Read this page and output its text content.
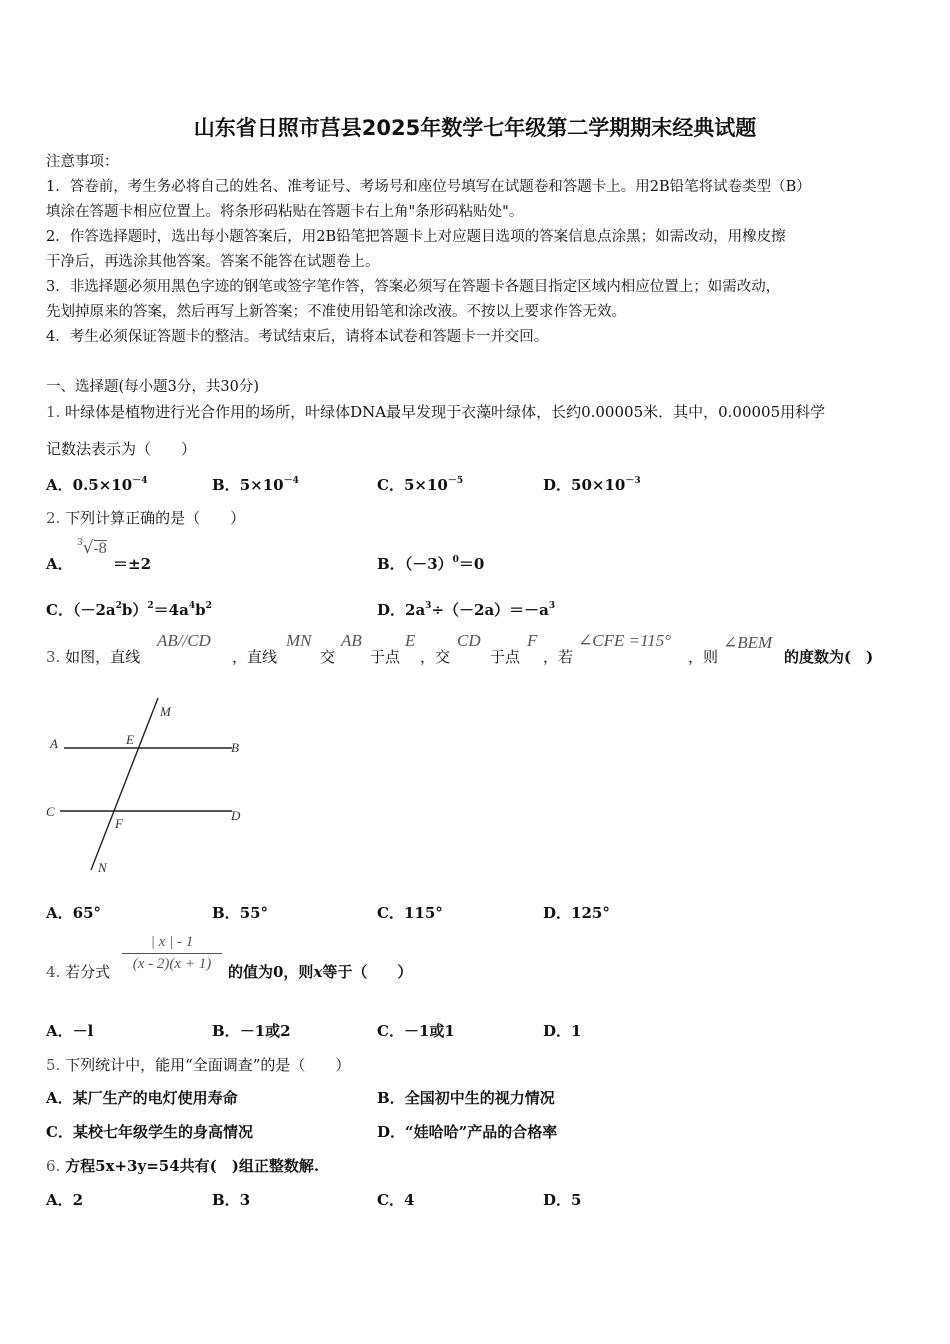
山东省日照市莒县2025年数学七年级第二学期期末经典试题
注意事项：
1．答卷前，考生务必将自己的姓名、准考证号、考场号和座位号填写在试题卷和答题卡上。用2B铅笔将试卷类型（B）
填涂在答题卡相应位置上。将条形码粘贴在答题卡右上角"条形码粘贴处"。
2．作答选择题时，选出每小题答案后，用2B铅笔把答题卡上对应题目选项的答案信息点涂黑；如需改动，用橡皮擦
干净后，再选涂其他答案。答案不能答在试题卷上。
3．非选择题必须用黑色字迹的钢笔或签字笔作答，答案必须写在答题卡各题目指定区域内相应位置上；如需改动，
先划掉原来的答案，然后再写上新答案；不准使用铅笔和涂改液。不按以上要求作答无效。
4．考生必须保证答题卡的整洁。考试结束后，请将本试卷和答题卡一并交回。
一、选择题(每小题3分，共30分)
1. 叶绿体是植物进行光合作用的场所，叶绿体DNA最早发现于衣藻叶绿体，长约0.00005米．其中，0.00005用科学
记数法表示为（　　）
A．$0.5\times 10^{-4}$	B．$5\times 10^{-4}$	C．$5\times 10^{-5}$	D．$50\times 10^{-3}$
2. 下列计算正确的是（　　）
A．
$^3$√-8
＝±2	B．$(-3)^0=0$
C．$(-2a^2b)^2=4a^4b^2$	D．$2a^3\div(-2a)=-a^3$
3. 如图，直线
AB//CD
，直线
MN
交
AB
于点
E
，交
CD
于点
F
，若
∠CFE =115°
，则
∠BEM
的度数为(　)
M
A	E
B
C
F
D
N
A．65°	B．55°	C．115°	D．125°
4. 若分式 $\frac{| x | - 1}{(x - 2)(x + 1)}$ 的值为0，则x等于（　　）
A．－l	B．－1或2	C．－1或1	D．1
5. 下列统计中，能用“全面调查”的是（　　）
A．某厂生产的电灯使用寿命	B．全国初中生的视力情况
C．某校七年级学生的身高情况	D．“娃哈哈”产品的合格率
6. 方程5x+3y=54共有(　)组正整数解.
A．2	B．3	C．4	D．5
